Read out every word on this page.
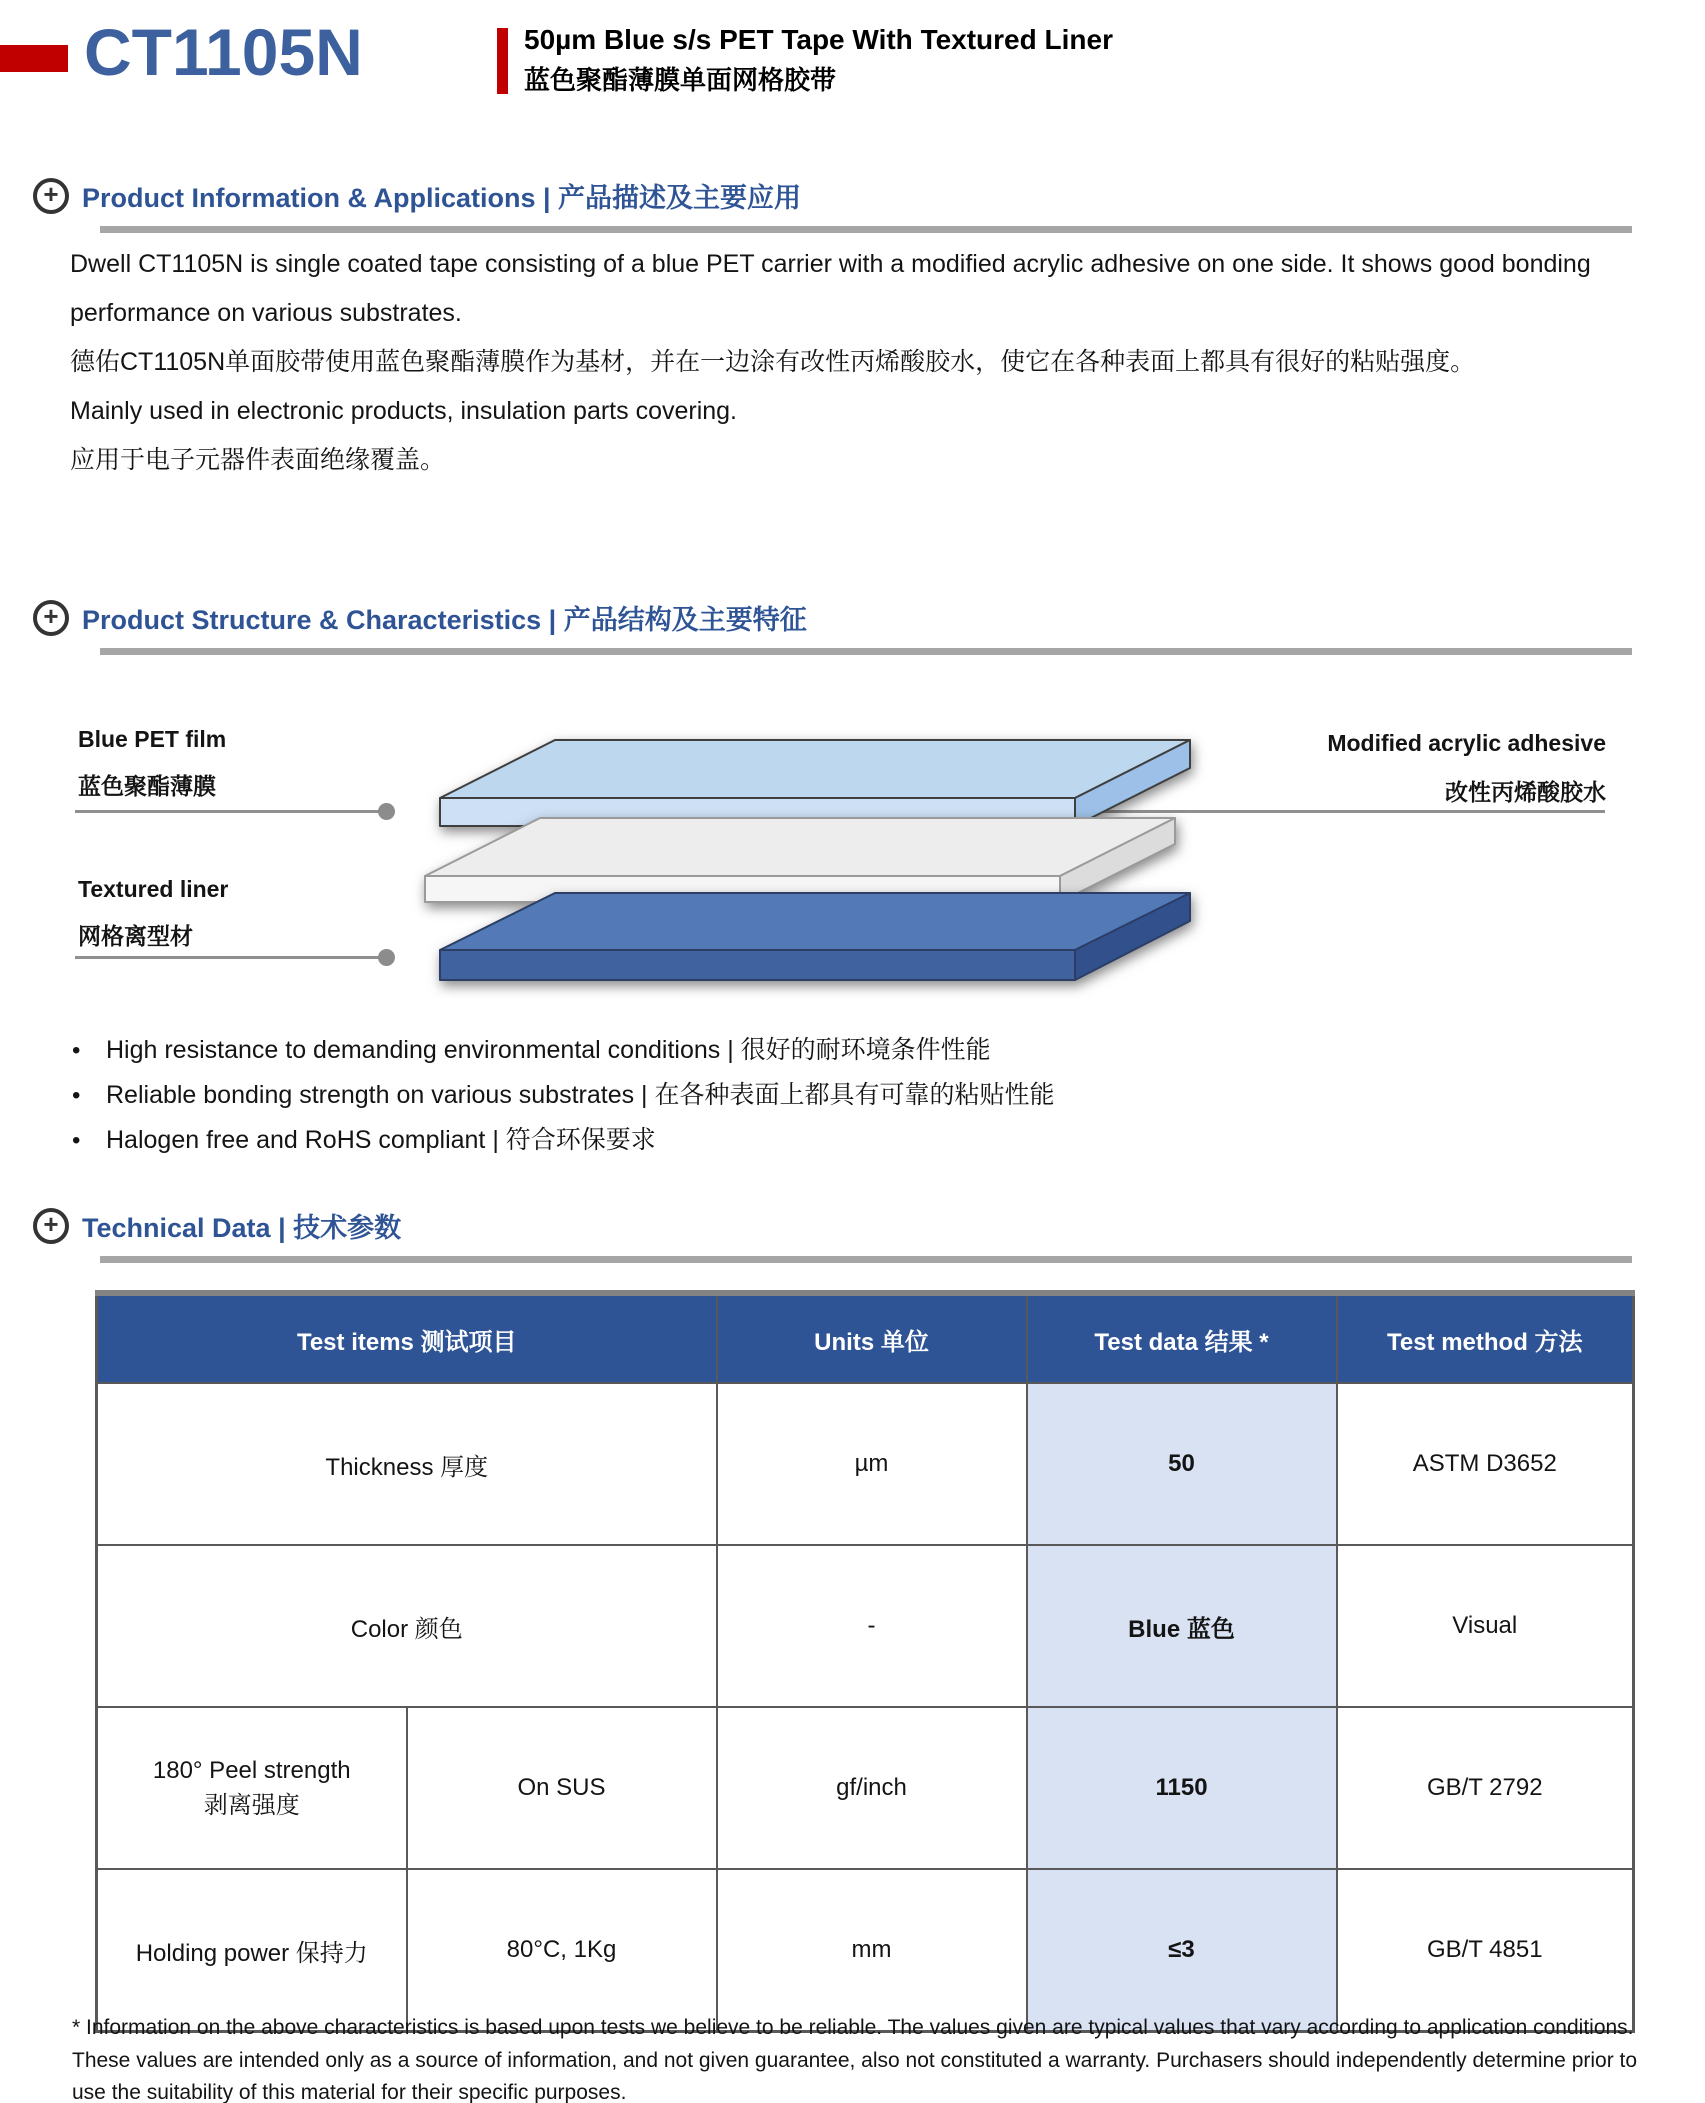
CT1105N	50µm Blue s/s PET Tape With Textured Liner
蓝色聚酯薄膜单面网格胶带
+ Product Information & Applications | 产品描述及主要应用

Dwell CT1105N is single coated tape consisting of a blue PET carrier with a modified acrylic adhesive on one side. It shows good bonding performance on various substrates.

德佑CT1105N单面胶带使用蓝色聚酯薄膜作为基材，并在一边涂有改性丙烯酸胶水，使它在各种表面上都具有很好的粘贴强度。

Mainly used in electronic products, insulation parts covering.

应用于电子元器件表面绝缘覆盖。

+ Product Structure & Characteristics | 产品结构及主要特征
Blue PET film
蓝色聚酯薄膜
Textured liner
网格离型材
Modified acrylic adhesive
改性丙烯酸胶水
•	High resistance to demanding environmental conditions | 很好的耐环境条件性能
•	Reliable bonding strength on various substrates | 在各种表面上都具有可靠的粘贴性能
•	Halogen free and RoHS compliant | 符合环保要求
+ Technical Data | 技术参数
Test items 测试项目		Units 单位	Test data 结果 *	Test method 方法
Thickness 厚度		µm	50	ASTM D3652
Color 颜色		-	Blue 蓝色	Visual

180° Peel strength
剥离强度	On SUS	gf/inch	1150	GB/T 2792
Holding power 保持力	80°C, 1Kg	mm	≤3	GB/T 4851
* Information on the above characteristics is based upon tests we believe to be reliable. The values given are typical values that vary according to application conditions. These values are intended only as a source of information, and not given guarantee, also not constituted a warranty. Purchasers should independently determine prior to use the suitability of this material for their specific purposes.
